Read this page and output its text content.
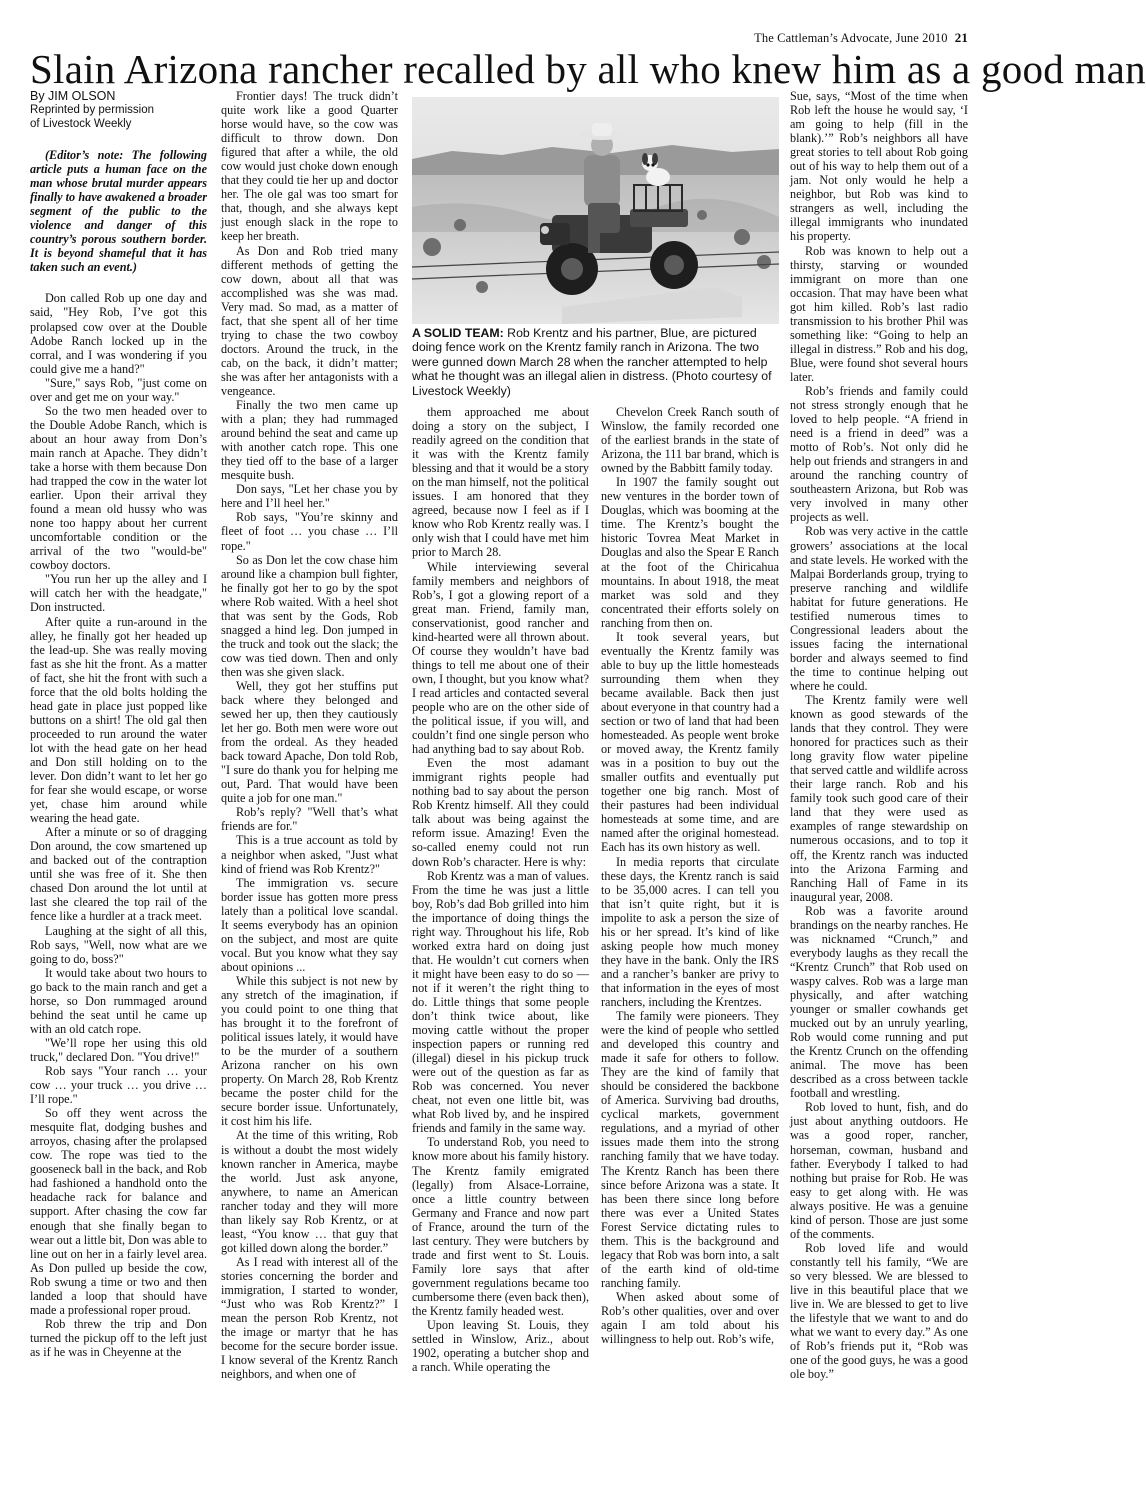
The Cattleman’s Advocate, June 2010 21
Slain Arizona rancher recalled by all who knew him as a good man
By JIM OLSON
Reprinted by permission
of Livestock Weekly

(Editor’s note: The following article puts a human face on the man whose brutal murder appears finally to have awakened a broader segment of the public to the violence and danger of this country’s porous southern border. It is beyond shameful that it has taken such an event.)

Don called Rob up one day and said, "Hey Rob, I’ve got this prolapsed cow over at the Double Adobe Ranch locked up in the corral, and I was wondering if you could give me a hand?"

"Sure," says Rob, "just come on over and get me on your way."

So the two men headed over to the Double Adobe Ranch, which is about an hour away from Don’s main ranch at Apache. They didn’t take a horse with them because Don had trapped the cow in the water lot earlier. Upon their arrival they found a mean old hussy who was none too happy about her current uncomfortable condition or the arrival of the two "would-be" cowboy doctors.

"You run her up the alley and I will catch her with the headgate," Don instructed.

After quite a run-around in the alley, he finally got her headed up the lead-up. She was really moving fast as she hit the front. As a matter of fact, she hit the front with such a force that the old bolts holding the head gate in place just popped like buttons on a shirt! The old gal then proceeded to run around the water lot with the head gate on her head and Don still holding on to the lever. Don didn’t want to let her go for fear she would escape, or worse yet, chase him around while wearing the head gate.

After a minute or so of dragging Don around, the cow smartened up and backed out of the contraption until she was free of it. She then chased Don around the lot until at last she cleared the top rail of the fence like a hurdler at a track meet.

Laughing at the sight of all this, Rob says, "Well, now what are we going to do, boss?"

It would take about two hours to go back to the main ranch and get a horse, so Don rummaged around behind the seat until he came up with an old catch rope.

"We’ll rope her using this old truck," declared Don. "You drive!"

Rob says "Your ranch … your cow … your truck … you drive … I’ll rope."

So off they went across the mesquite flat, dodging bushes and arroyos, chasing after the prolapsed cow. The rope was tied to the gooseneck ball in the back, and Rob had fashioned a handhold onto the headache rack for balance and support. After chasing the cow far enough that she finally began to wear out a little bit, Don was able to line out on her in a fairly level area. As Don pulled up beside the cow, Rob swung a time or two and then landed a loop that should have made a professional roper proud.

Rob threw the trip and Don turned the pickup off to the left just as if he was in Cheyenne at the

Frontier days! The truck didn’t quite work like a good Quarter horse would have, so the cow was difficult to throw down. Don figured that after a while, the old cow would just choke down enough that they could tie her up and doctor her. The ole gal was too smart for that, though, and she always kept just enough slack in the rope to keep her breath.

As Don and Rob tried many different methods of getting the cow down, about all that was accomplished was she was mad. Very mad. So mad, as a matter of fact, that she spent all of her time trying to chase the two cowboy doctors. Around the truck, in the cab, on the back, it didn’t matter; she was after her antagonists with a vengeance.

Finally the two men came up with a plan; they had rummaged around behind the seat and came up with another catch rope. This one they tied off to the base of a larger mesquite bush.

Don says, "Let her chase you by here and I’ll heel her."

Rob says, "You’re skinny and fleet of foot … you chase … I’ll rope."

So as Don let the cow chase him around like a champion bull fighter, he finally got her to go by the spot where Rob waited. With a heel shot that was sent by the Gods, Rob snagged a hind leg. Don jumped in the truck and took out the slack; the cow was tied down. Then and only then was she given slack.

Well, they got her stuffins put back where they belonged and sewed her up, then they cautiously let her go. Both men were wore out from the ordeal. As they headed back toward Apache, Don told Rob, "I sure do thank you for helping me out, Pard. That would have been quite a job for one man."

Rob’s reply? "Well that’s what friends are for."

This is a true account as told by a neighbor when asked, "Just what kind of friend was Rob Krentz?"

The immigration vs. secure border issue has gotten more press lately than a political love scandal. It seems everybody has an opinion on the subject, and most are quite vocal. But you know what they say about opinions ...

While this subject is not new by any stretch of the imagination, if you could point to one thing that has brought it to the forefront of political issues lately, it would have to be the murder of a southern Arizona rancher on his own property. On March 28, Rob Krentz became the poster child for the secure border issue. Unfortunately, it cost him his life.

At the time of this writing, Rob is without a doubt the most widely known rancher in America, maybe the world. Just ask anyone, anywhere, to name an American rancher today and they will more than likely say Rob Krentz, or at least, “You know … that guy that got killed down along the border.”

As I read with interest all of the stories concerning the border and immigration, I started to wonder, “Just who was Rob Krentz?” I mean the person Rob Krentz, not the image or martyr that he has become for the secure border issue. I know several of the Krentz Ranch neighbors, and when one of

A SOLID TEAM: Rob Krentz and his partner, Blue, are pictured doing fence work on the Krentz family ranch in Arizona. The two were gunned down March 28 when the rancher attempted to help what he thought was an illegal alien in distress. (Photo courtesy of Livestock Weekly)

them approached me about doing a story on the subject, I readily agreed on the condition that it was with the Krentz family blessing and that it would be a story on the man himself, not the political issues. I am honored that they agreed, because now I feel as if I know who Rob Krentz really was. I only wish that I could have met him prior to March 28.

While interviewing several family members and neighbors of Rob’s, I got a glowing report of a great man. Friend, family man, conservationist, good rancher and kind-hearted were all thrown about. Of course they wouldn’t have bad things to tell me about one of their own, I thought, but you know what? I read articles and contacted several people who are on the other side of the political issue, if you will, and couldn’t find one single person who had anything bad to say about Rob.

Even the most adamant immigrant rights people had nothing bad to say about the person Rob Krentz himself. All they could talk about was being against the reform issue. Amazing! Even the so-called enemy could not run down Rob’s character. Here is why:

Rob Krentz was a man of values. From the time he was just a little boy, Rob’s dad Bob grilled into him the importance of doing things the right way. Throughout his life, Rob worked extra hard on doing just that. He wouldn’t cut corners when it might have been easy to do so — not if it weren’t the right thing to do. Little things that some people don’t think twice about, like moving cattle without the proper inspection papers or running red (illegal) diesel in his pickup truck were out of the question as far as Rob was concerned. You never cheat, not even one little bit, was what Rob lived by, and he inspired friends and family in the same way.

To understand Rob, you need to know more about his family history. The Krentz family emigrated (legally) from Alsace-Lorraine, once a little country between Germany and France and now part of France, around the turn of the last century. They were butchers by trade and first went to St. Louis. Family lore says that after government regulations became too cumbersome there (even back then), the Krentz family headed west.

Upon leaving St. Louis, they settled in Winslow, Ariz., about 1902, operating a butcher shop and a ranch. While operating the

Chevelon Creek Ranch south of Winslow, the family recorded one of the earliest brands in the state of Arizona, the 111 bar brand, which is owned by the Babbitt family today.

In 1907 the family sought out new ventures in the border town of Douglas, which was booming at the time. The Krentz’s bought the historic Tovrea Meat Market in Douglas and also the Spear E Ranch at the foot of the Chiricahua mountains. In about 1918, the meat market was sold and they concentrated their efforts solely on ranching from then on.

It took several years, but eventually the Krentz family was able to buy up the little homesteads surrounding them when they became available. Back then just about everyone in that country had a section or two of land that had been homesteaded. As people went broke or moved away, the Krentz family was in a position to buy out the smaller outfits and eventually put together one big ranch. Most of their pastures had been individual homesteads at some time, and are named after the original homestead. Each has its own history as well.

In media reports that circulate these days, the Krentz ranch is said to be 35,000 acres. I can tell you that isn’t quite right, but it is impolite to ask a person the size of his or her spread. It’s kind of like asking people how much money they have in the bank. Only the IRS and a rancher’s banker are privy to that information in the eyes of most ranchers, including the Krentzes.

The family were pioneers. They were the kind of people who settled and developed this country and made it safe for others to follow. They are the kind of family that should be considered the backbone of America. Surviving bad drouths, cyclical markets, government regulations, and a myriad of other issues made them into the strong ranching family that we have today. The Krentz Ranch has been there since before Arizona was a state. It has been there since long before there was ever a United States Forest Service dictating rules to them. This is the background and legacy that Rob was born into, a salt of the earth kind of old-time ranching family.

When asked about some of Rob’s other qualities, over and over again I am told about his willingness to help out. Rob’s wife,

Sue, says, “Most of the time when Rob left the house he would say, ‘I am going to help (fill in the blank).’” Rob’s neighbors all have great stories to tell about Rob going out of his way to help them out of a jam. Not only would he help a neighbor, but Rob was kind to strangers as well, including the illegal immigrants who inundated his property.

Rob was known to help out a thirsty, starving or wounded immigrant on more than one occasion. That may have been what got him killed. Rob’s last radio transmission to his brother Phil was something like: “Going to help an illegal in distress.” Rob and his dog, Blue, were found shot several hours later.

Rob’s friends and family could not stress strongly enough that he loved to help people. “A friend in need is a friend in deed” was a motto of Rob’s. Not only did he help out friends and strangers in and around the ranching country of southeastern Arizona, but Rob was very involved in many other projects as well.

Rob was very active in the cattle growers’ associations at the local and state levels. He worked with the Malpai Borderlands group, trying to preserve ranching and wildlife habitat for future generations. He testified numerous times to Congressional leaders about the issues facing the international border and always seemed to find the time to continue helping out where he could.

The Krentz family were well known as good stewards of the lands that they control. They were honored for practices such as their long gravity flow water pipeline that served cattle and wildlife across their large ranch. Rob and his family took such good care of their land that they were used as examples of range stewardship on numerous occasions, and to top it off, the Krentz ranch was inducted into the Arizona Farming and Ranching Hall of Fame in its inaugural year, 2008.

Rob was a favorite around brandings on the nearby ranches. He was nicknamed “Crunch,” and everybody laughs as they recall the “Krentz Crunch” that Rob used on waspy calves. Rob was a large man physically, and after watching younger or smaller cowhands get mucked out by an unruly yearling, Rob would come running and put the Krentz Crunch on the offending animal. The move has been described as a cross between tackle football and wrestling.

Rob loved to hunt, fish, and do just about anything outdoors. He was a good roper, rancher, horseman, cowman, husband and father. Everybody I talked to had nothing but praise for Rob. He was easy to get along with. He was always positive. He was a genuine kind of person. Those are just some of the comments.

Rob loved life and would constantly tell his family, “We are so very blessed. We are blessed to live in this beautiful place that we live in. We are blessed to get to live the lifestyle that we want to and do what we want to every day.” As one of Rob’s friends put it, “Rob was one of the good guys, he was a good ole boy.”
